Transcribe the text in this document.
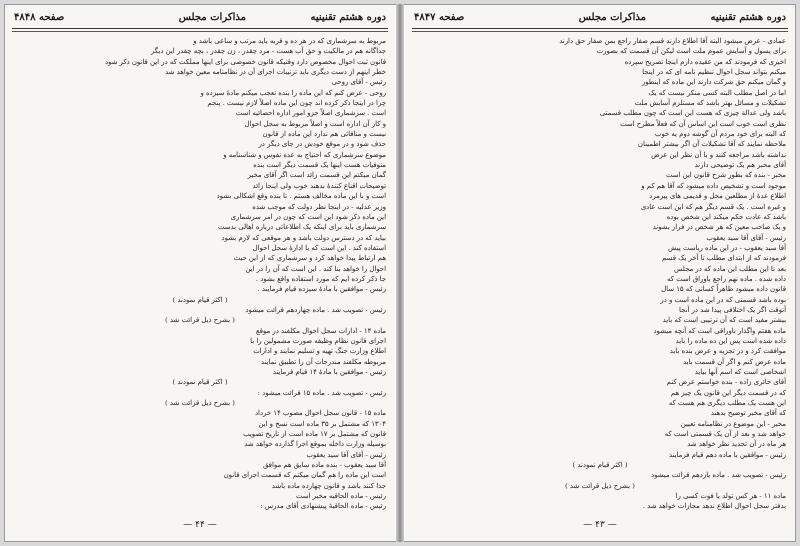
دوره هشتم تقنینیه
مذاکرات مجلس
صفحه ۴۸۴۸

مربوط به سرشماری که در هر ده و قریه باید مرتب و ساعی باشد و

جداگانه هم در مالکیت و حق آب هست - مرد چقدر ، زن چقدر ، بچه چقدر این دیگر

قانون ثبت احوال مخصوص دارد وقتیکه قانون خصوصی برای اینها مملکت که در این قانون ذکر شود

خطر اینهم از دست دیگری باید ترتیبات اجرای آن در نظامنامه معین خواهد شد

رئیس - آقای روحی

روحی - عرض کنم که این ماده را بنده تعجب میکنم مادهٔ سیزده و

چرا در اینجا ذکر کرده اند چون این ماده اصلاً لازم نیست . پنجم

است . سرشماری اصلاً جزو امور اداره احصائیه است

و کار آن اداره است و اصلاً مربوط به سجل احوال

نیست و منافاتی هم ندارد این ماده از قانون

حذف شود و در موقع خودش در جای دیگر در

موضوع سرشماری که احتیاج به عده نفوس و شناسنامه و

متوفیات هست اینها یک قسمت دیگر است بنده

گمان میکنم این قسمت زائد است اگر آقای مخبر

توضیحات اقناع کنندهٔ بدهند خوب ولی اینجا زائد

است و با این ماده مخالف هستم . تا بنده وقع اشکالی بشود

وزیر عدلیه - در اینجا نظر دولت که موجب شده

این ماده ذکر شود این است که چون در امر سرشماری

سرشماری باید برای اینکه یک اطلاعاتی درباره اهالی بدست

بیاید که در دسترس دولت باشد و هر موقعی که لازم بشود

استفاده کند . این است که با ادارهٔ سجل احوال

هم ارتباط پیدا خواهد کرد و سرشماری که از این حیث

احوال را خواهد بنا کند . این است که آن را در این

جا ذکر کرده ایم که مورد استفاده واقع بشود .

رئیس - موافقین با مادهٔ سیزده قیام فرمایند .

( اکثر قیام نمودند )

رئیس - تصویب شد . ماده چهاردهم قرائت میشود

( بشرح ذیل قرائت شد )

ماده ۱۴ - ادارات سجل احوال مکلفند در موقع

اجرای قانون نظام وظیفه صورت مشمولین را با

اطلاع وزارت جنگ تهیه و تسلیم نمایند و ادارات

مربوطه مکلفند مندرجات آن را تطبیق نمایند

رئیس - موافقین با مادهٔ ۱۴ قیام فرمایند

( اکثر قیام نمودند )

رئیس - تصویب شد . ماده ۱۵ قرائت میشود :

( بشرح ذیل قرائت شد )

ماده ۱۵ - قانون سجل احوال مصوب ۱۴ خرداد

۱۳۰۴ که مشتمل بر ۳۵ ماده است نسخ و این

قانون که مشتمل بر ۱۷ ماده است از تاریخ تصویب

بوسیله وزارت داخله بموقع اجرا گذارده خواهد شد

رئیس - آقای آقا سید یعقوب

آقا سید یعقوب - بنده ماده سابق هم موافق

است این ماده را هم گمان میکنم که قسمت اجرای قانون

جدا کنند باشد و قانون چهارده ماده باشد

رئیس - ماده الحاقیه مخبر است

رئیس - ماده الحاقیهٔ پیشنهادی آقای مدرس :

— ۴۴ —
دوره هشتم تقنینیه
مذاکرات مجلس
صفحه ۴۸۴۷

عمادی - عرض میشود البته آقا اطلاع دارند قسم صفار راجع بمن صفار حق دارند

برای پسول و آسایش عموم ملت است لیکن آن قسمت که بصورت

اخیری که فرمودند که من عقیده دارم اینجا تصریح سپرده

میکنم بتواند سجل احوال تنظیم نامه ای که در اینجا

و گمان میکنم حق شرکت دارند این ماده که اینطور

اما در اصل مطلب البته کسی منکر نیست که یک

تشکیلات و مسائل بهتر باشد که مستلزم آسایش ملت

باشد ولی عدالة چیزی که هست این است که چون مطلب قسمتی

نظری است خوب است این اساس آن که فعلاً مطرح است

که البته برای خود مردم آن گوشه دوم یه خوب

ملاحظه نمایند که آقا تشکیلات آن اگر بیشتر اطمینان

نداشته باشد مراجعه کنند و با آن نظر این عرض

آقای مخبر هم یک توضیحی دارند

مخبر - بنده که بطور شرح قانون این است

موجود است و تشخیص داده میشود که آقا هم کم و

اطلاع عدهٔ از مطلعین محل و قدیمی های پیرمرد

و غیره است . یک قسم دیگر هم که این است عادی

باشد که عادت حکم میکند این شخص بوده

و یک صاحب معین که هر شخص در فرار بشوند

رئیس - آقای آقا سید یعقوب

آقا سید یعقوب - در این ماده ریاست پیش

فرمودند که از ابتدای مطلب تا آخر یک قسم

بعد تا این مطلب این ماده که در مجلس

داده شده . ماده نهم راجع باوراق است که

قانون داده میشود ظاهراً کسانی که ۱۵ سال

بوده باشد قسمتی که در این ماده است و در

آنوقت اگر یک اختلافی پیدا شد در آنجا

بیشتر مفید است که آن ترتیبی است که باید

ماده هفتم واگذار باوراقی است که آنچه میشود

داده شده است پس این ده ماده را باید

موافقت کرد و در تجزیه و عرض بنده باید

ماده عرض کنم و اگر آن قسمت باید

اشخاصی است که اسم آنها بیاید

آقای حائری زاده - بنده خواستم عرض کنم

که در قسمت دیگر این قانون یک چیز هم

این هست یک مطلب دیگری هم هست که

که آقای مخبر توضیح بدهند

مخبر - این موضوع در نظامنامه تعیین

خواهد شد و بعد از آن یک قسمتی است که

هر ماه در آن تجدید نظر خواهد شد

رئیس - موافقین با ماده دهم قیام فرمایند

( اکثر قیام نمودند )

رئیس - تصویب شد . ماده یازدهم قرائت میشود

( بشرح ذیل قرائت شد )

ماده ۱۱ - هر کس تولد یا فوت کسی را

بدفتر سجل احوال اطلاع ندهد مجازات خواهد شد .

— ۴۳ —
